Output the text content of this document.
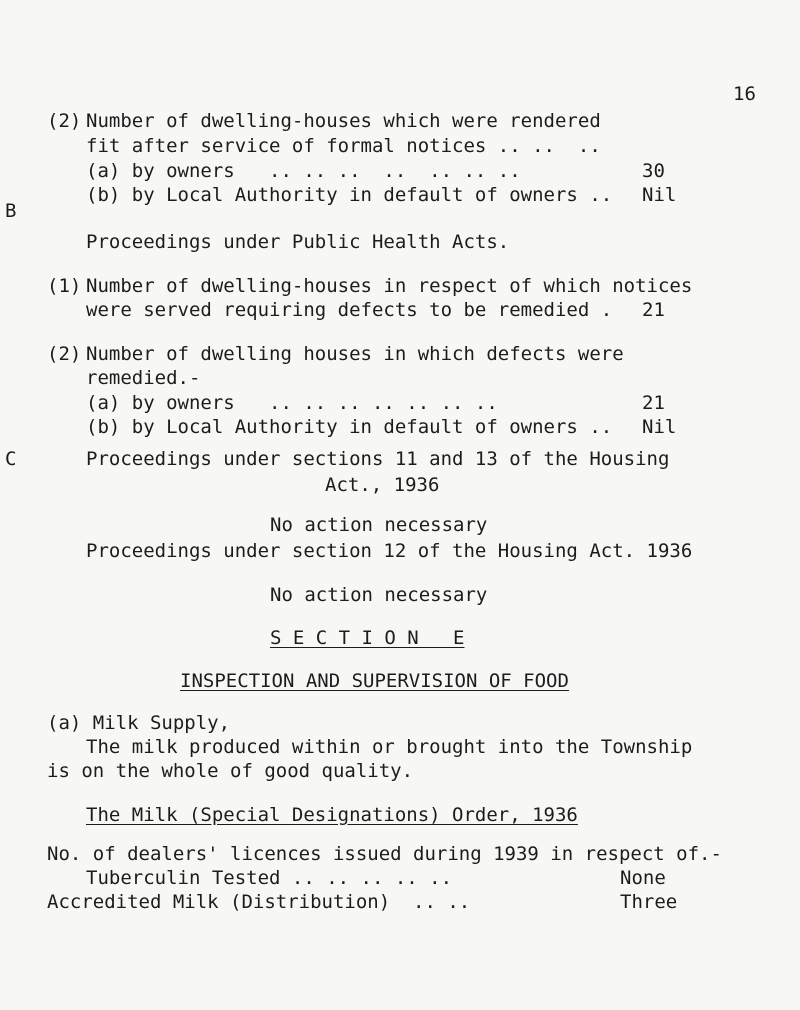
16
(2) Number of dwelling-houses which were rendered
fit after service of formal notices .. ..  ..
(a) by owners   .. .. ..  ..  .. .. ..	30
(b) by Local Authority in default of owners .. Nil
B
Proceedings under Public Health Acts.
(1) Number of dwelling-houses in respect of which notices
were served requiring defects to be remedied . 21
(2) Number of dwelling houses in which defects were
remedied.-
(a) by owners   .. .. .. .. .. .. ..	21
(b) by Local Authority in default of owners .. Nil
C	Proceedings under sections 11 and 13 of the Housing
Act., 1936
No action necessary
Proceedings under section 12 of the Housing Act. 1936
No action necessary
S E C T I O N   E
INSPECTION AND SUPERVISION OF FOOD
(a) Milk Supply,
The milk produced within or brought into the Township
is on the whole of good quality.
The Milk (Special Designations) Order, 1936
No. of dealers' licences issued during 1939 in respect of.-
Tuberculin Tested .. .. .. .. ..	None
Accredited Milk (Distribution)  .. ..	Three
